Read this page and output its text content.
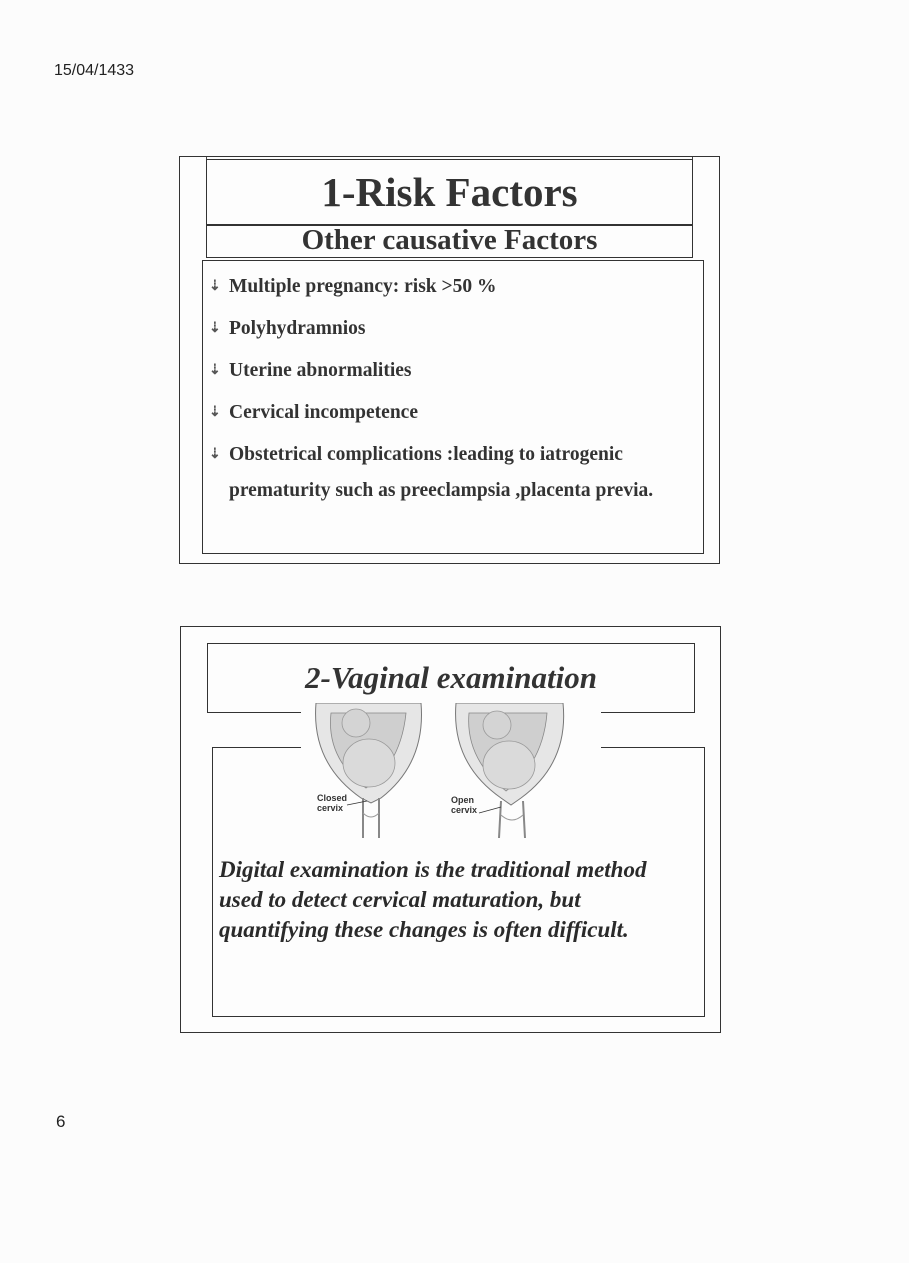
15/04/1433
1-Risk Factors
Other causative Factors
⇣ Multiple pregnancy: risk >50 %
⇣ Polyhydramnios
⇣ Uterine abnormalities
⇣ Cervical incompetence
⇣ Obstetrical complications :leading to iatrogenic prematurity such as preeclampsia ,placenta previa.
2-Vaginal examination
Closed
cervix
Open
cervix
Digital examination is the traditional method used to detect cervical maturation, but quantifying these changes is often difficult.
6
